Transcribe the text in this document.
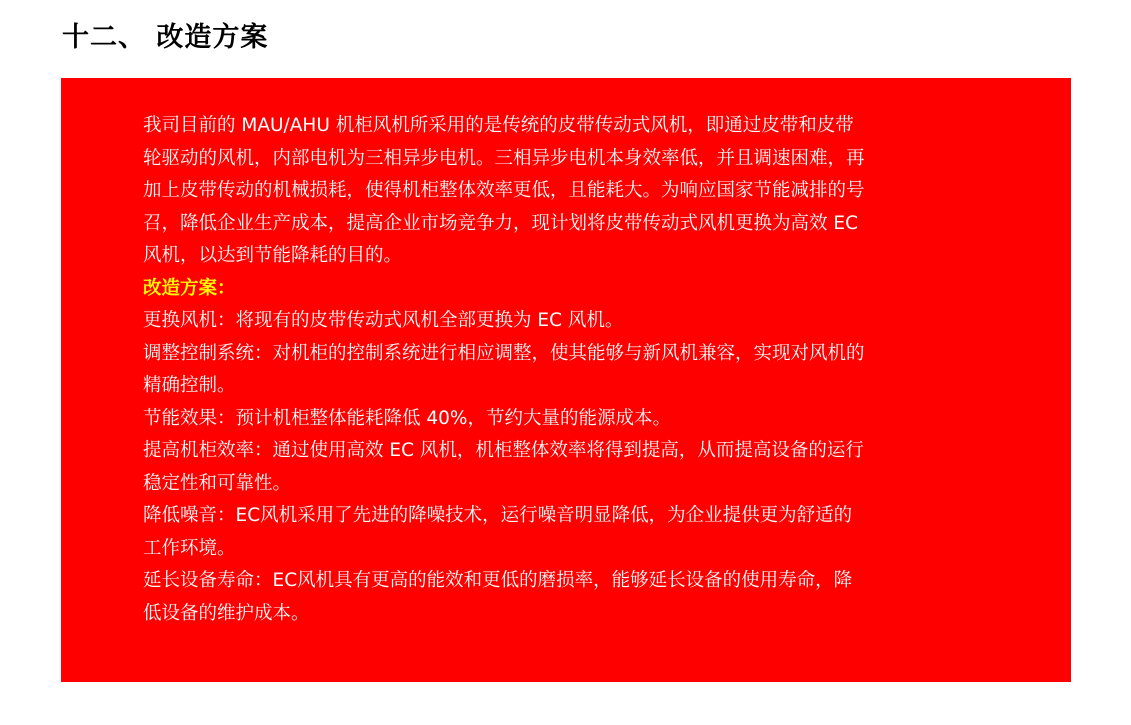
十二、 改造方案

我司目前的 MAU/AHU 机柜风机所采用的是传统的皮带传动式风机，即通过皮带和皮带

轮驱动的风机，内部电机为三相异步电机。三相异步电机本身效率低，并且调速困难，再

加上皮带传动的机械损耗，使得机柜整体效率更低，且能耗大。为响应国家节能减排的号

召，降低企业生产成本，提高企业市场竞争力，现计划将皮带传动式风机更换为高效 EC

风机，以达到节能降耗的目的。

改造方案：

更换风机：将现有的皮带传动式风机全部更换为 EC 风机。

调整控制系统：对机柜的控制系统进行相应调整，使其能够与新风机兼容，实现对风机的

精确控制。

节能效果：预计机柜整体能耗降低 40%，节约大量的能源成本。

提高机柜效率：通过使用高效 EC 风机，机柜整体效率将得到提高，从而提高设备的运行

稳定性和可靠性。

降低噪音：EC风机采用了先进的降噪技术，运行噪音明显降低，为企业提供更为舒适的

工作环境。

延长设备寿命：EC风机具有更高的能效和更低的磨损率，能够延长设备的使用寿命，降

低设备的维护成本。
